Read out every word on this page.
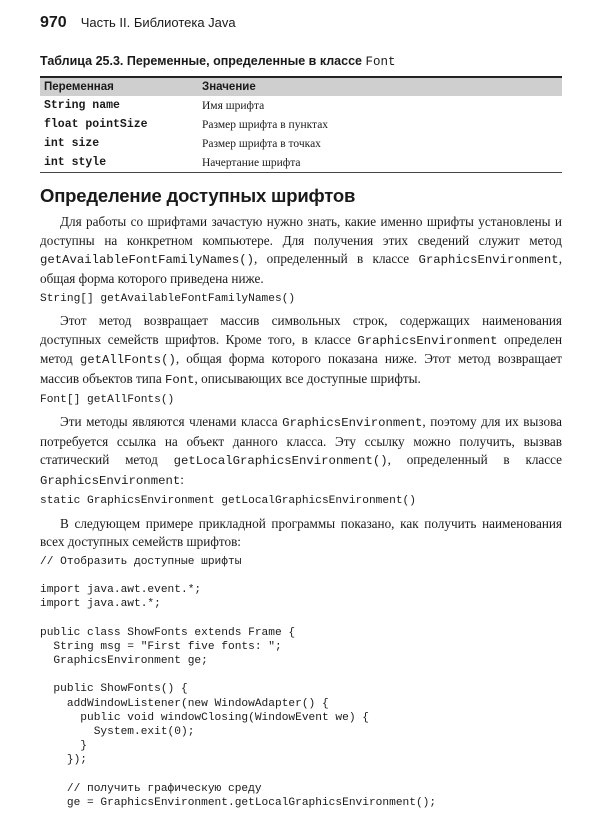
970 Часть II. Библиотека Java
Таблица 25.3. Переменные, определенные в классе Font
Переменная	Значение
String name	Имя шрифта
float pointSize	Размер шрифта в пунктах
int size	Размер шрифта в точках
int style	Начертание шрифта
Определение доступных шрифтов

Для работы со шрифтами зачастую нужно знать, какие именно шрифты установлены и доступны на конкретном компьютере. Для получения этих сведений служит метод getAvailableFontFamilyNames(), определенный в классе GraphicsEnvironment, общая форма которого приведена ниже.

String[] getAvailableFontFamilyNames()

Этот метод возвращает массив символьных строк, содержащих наименования доступных семейств шрифтов. Кроме того, в классе GraphicsEnvironment определен метод getAllFonts(), общая форма которого показана ниже. Этот метод возвращает массив объектов типа Font, описывающих все доступные шрифты.

Font[] getAllFonts()

Эти методы являются членами класса GraphicsEnvironment, поэтому для их вызова потребуется ссылка на объект данного класса. Эту ссылку можно получить, вызвав статический метод getLocalGraphicsEnvironment(), определенный в классе GraphicsEnvironment:

static GraphicsEnvironment getLocalGraphicsEnvironment()

В следующем примере прикладной программы показано, как получить наименования всех доступных семейств шрифтов:

// Отобразить доступные шрифты

import java.awt.event.*;
import java.awt.*;

public class ShowFonts extends Frame {
String msg = "First five fonts: ";
GraphicsEnvironment ge;

public ShowFonts() {
addWindowListener(new WindowAdapter() {
public void windowClosing(WindowEvent we) {
System.exit(0);
}
});

// получить графическую среду
ge = GraphicsEnvironment.getLocalGraphicsEnvironment();
